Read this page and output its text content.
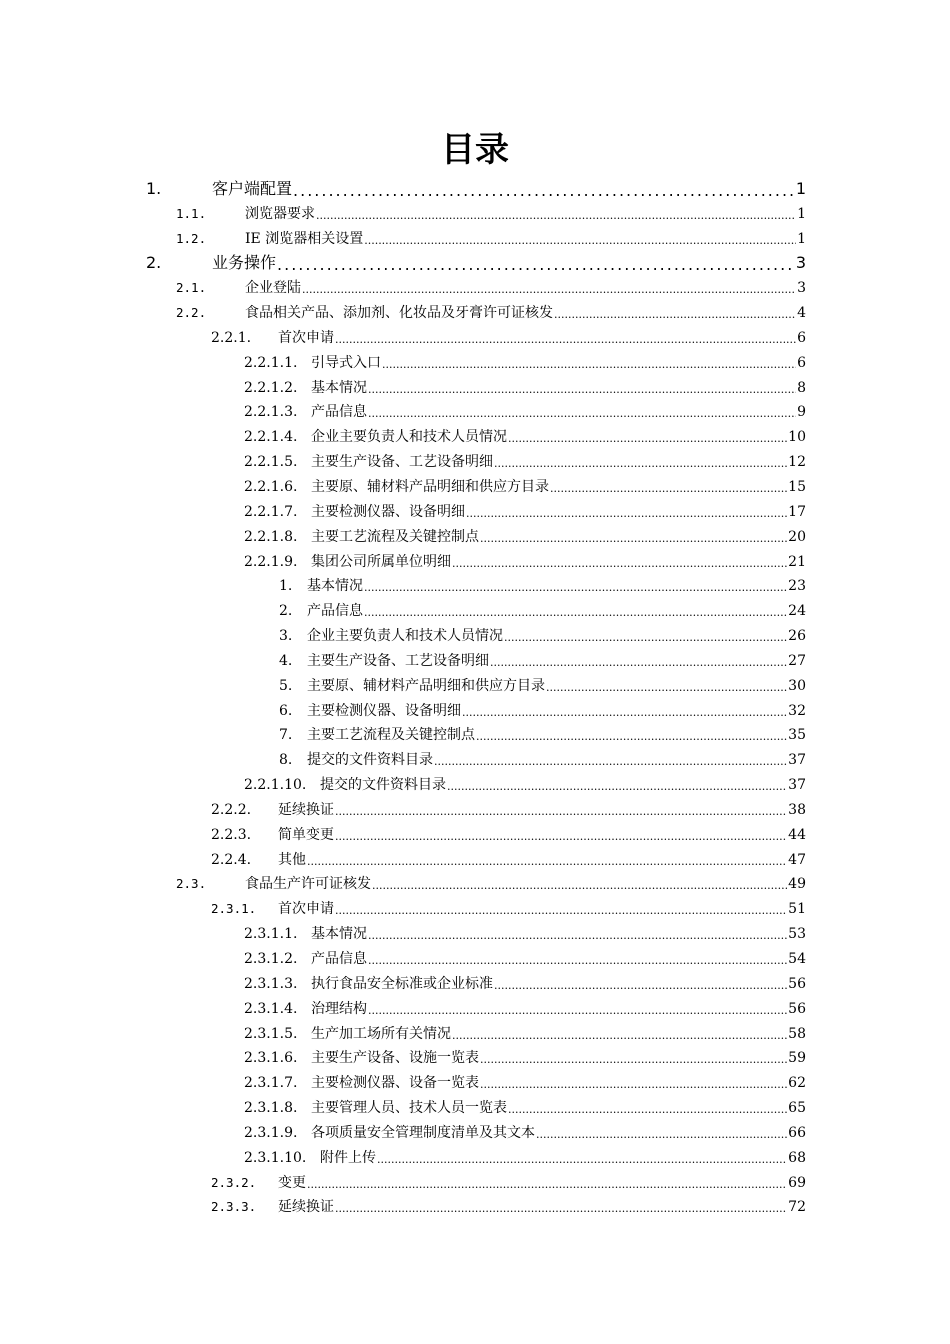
目录
1.	客户端配置 .....	1
1.1.	浏览器要求 .....	1
1.2.	IE 浏览器相关设置 .....	1
2.	业务操作 .....	3
2.1.	企业登陆 .....	3
2.2.	食品相关产品、添加剂、化妆品及牙膏许可证核发 .....	4
2.2.1. 首次申请 .....	6
2.2.1.1. 引导式入口 .....	6
2.2.1.2. 基本情况 .....	8
2.2.1.3. 产品信息 .....	9
2.2.1.4. 企业主要负责人和技术人员情况 .....	10
2.2.1.5. 主要生产设备、工艺设备明细 .....	12
2.2.1.6. 主要原、辅材料产品明细和供应方目录 .....	15
2.2.1.7. 主要检测仪器、设备明细 .....	17
2.2.1.8. 主要工艺流程及关键控制点 .....	20
2.2.1.9. 集团公司所属单位明细 .....	21
1. 基本情况 .....	23
2. 产品信息 .....	24
3. 企业主要负责人和技术人员情况 .....	26
4. 主要生产设备、工艺设备明细 .....	27
5. 主要原、辅材料产品明细和供应方目录 .....	30
6. 主要检测仪器、设备明细 .....	32
7. 主要工艺流程及关键控制点 .....	35
8. 提交的文件资料目录 .....	37
2.2.1.10. 提交的文件资料目录 .....	37
2.2.2. 延续换证 .....	38
2.2.3. 简单变更 .....	44
2.2.4. 其他 .....	47
2.3.	食品生产许可证核发 .....	49
2.3.1. 首次申请 .....	51
2.3.1.1. 基本情况 .....	53
2.3.1.2. 产品信息 .....	54
2.3.1.3. 执行食品安全标准或企业标准 .....	56
2.3.1.4. 治理结构 .....	56
2.3.1.5. 生产加工场所有关情况 .....	58
2.3.1.6. 主要生产设备、设施一览表 .....	59
2.3.1.7. 主要检测仪器、设备一览表 .....	62
2.3.1.8. 主要管理人员、技术人员一览表 .....	65
2.3.1.9. 各项质量安全管理制度清单及其文本 .....	66
2.3.1.10. 附件上传 .....	68
2.3.2. 变更 .....	69
2.3.3. 延续换证 .....	72
